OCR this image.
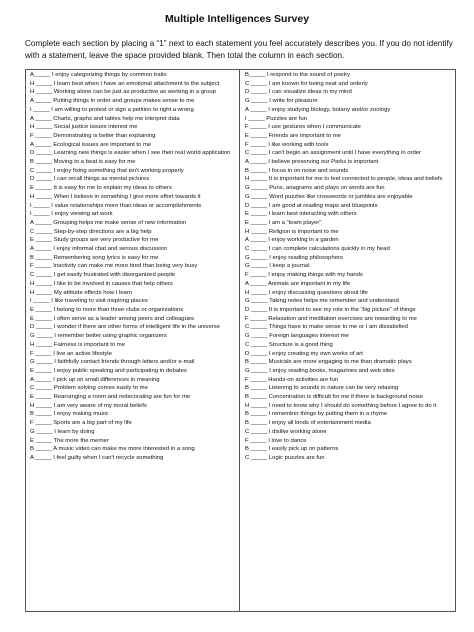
Multiple Intelligences Survey
Complete each section by placing a “1” next to each statement you feel accurately describes you. If you do not identify with a statement, leave the space provided blank. Then total the column in each section.
A_____ I enjoy categorizing things by common traits
H _____ I learn best when I have an emotional attachment to the subject
H _____ Working alone can be just as productive as working in a group
A _____ Putting things in order and groups makes sense to me
I _____ I am willing to protest or sign a petition to right a wrong
A _____ Charts, graphs and tables help me interpret data
H _____ Social justice issues interest me
F _____ Demonstrating is better than explaining
A _____ Ecological issues are important to me
D _____ Learning new things is easier when I see their real world application
B _____ Moving to a beat is easy for me
C _____ I enjoy fixing something that isn't working properly
D _____ I can recall things as mental pictures
E _____ It is easy for me to explain my ideas to others
H _____ When I believe in something I give more effort towards it
I _____ I value relationships more than ideas or accomplishments
I _____ I enjoy viewing art work
A _____ Grouping helps me make sense of new information
C _____ Step-by-step directions are a big help
E _____ Study groups are very productive for me
A _____ I enjoy informal chat and serious discussion
B _____ Remembering song lyrics is easy for me
F _____ Inactivity can make me more tired than being very busy
C _____ I get easily frustrated with disorganized people
H _____ I like to be involved in causes that help others
H _____ My attitude effects how I learn
I _____ I like traveling to visit inspiring places
E _____ I belong to more than three clubs or organizations
E _____ I often serve as a leader among peers and colleagues
D _____ I wonder if there are other forms of intelligent life in the universe
G _____ I remember better using graphic organizers
H _____ Fairness is important to me
F _____ I live an active lifestyle
G _____ I faithfully contact friends through letters and/or e-mail
E _____ I enjoy public speaking and participating in debates
A _____ I pick up on small differences in meaning
C _____ Problem solving comes easily to me
E _____ Rearranging a room and redecorating are fun for me
H _____ I am very aware of my moral beliefs
B _____ I enjoy making music
F _____ Sports are a big part of my life
G _____ I learn by doing
E _____ The more the merrier
B _____ A music video can make me more interested in a song
A _____ I feel guilty when I can't recycle something
B_____ I respond to the sound of poetry
C _____ I am known for being neat and orderly
D _____ I can visualize ideas in my mind
G _____ I write for pleasure
A _____ I enjoy studying biology, botany and/or zoology
I _____ Puzzles are fun
F _____ I use gestures when I communicate
E _____ Friends are important to me
F _____ I like working with tools
C _____ I can't begin an assignment until I have everything in order
A _____ I believe preserving our Parks is important
B _____ I focus in on noise and sounds
H _____ It is important for me to feel connected to people, ideas and beliefs
G _____ Puns, anagrams and plays on words are fun
G _____ Word puzzles like crosswords or jumbles are enjoyable
D _____ I am good at reading maps and blueprints
E _____ I learn best interacting with others
E _____ I am a “team player”
H _____ Religion is important to me
A _____ I enjoy working in a garden
C _____ I can complete calculations quickly in my head
G _____ I enjoy reading philosophers
G _____ I keep a journal
F _____ I enjoy making things with my hands
A _____ Animals are important in my life
H _____ I enjoy discussing questions about life
G _____ Taking notes helps me remember and understand
D _____ It is important to see my role in the “big picture” of things
F _____ Relaxation and meditation exercises are rewarding to me
C _____ Things have to make sense to me or I am dissatisfied
G _____ Foreign languages interest me
C _____ Structure is a good thing
D _____ I enjoy creating my own works of art
B _____ Musicals are more engaging to me than dramatic plays
G _____ I enjoy reading books, magazines and web sites
F _____ Hands-on activities are fun
B _____ Listening to sounds in nature can be very relaxing
B _____ Concentration is difficult for me if there is background noise
H _____ I need to know why I should do something before I agree to do it
B _____ I remember things by putting them in a rhyme
B _____ I enjoy all kinds of entertainment media
C _____ I dislike working alone
F _____ I love to dance
B _____ I easily pick up on patterns
C _____ Logic puzzles are fun
